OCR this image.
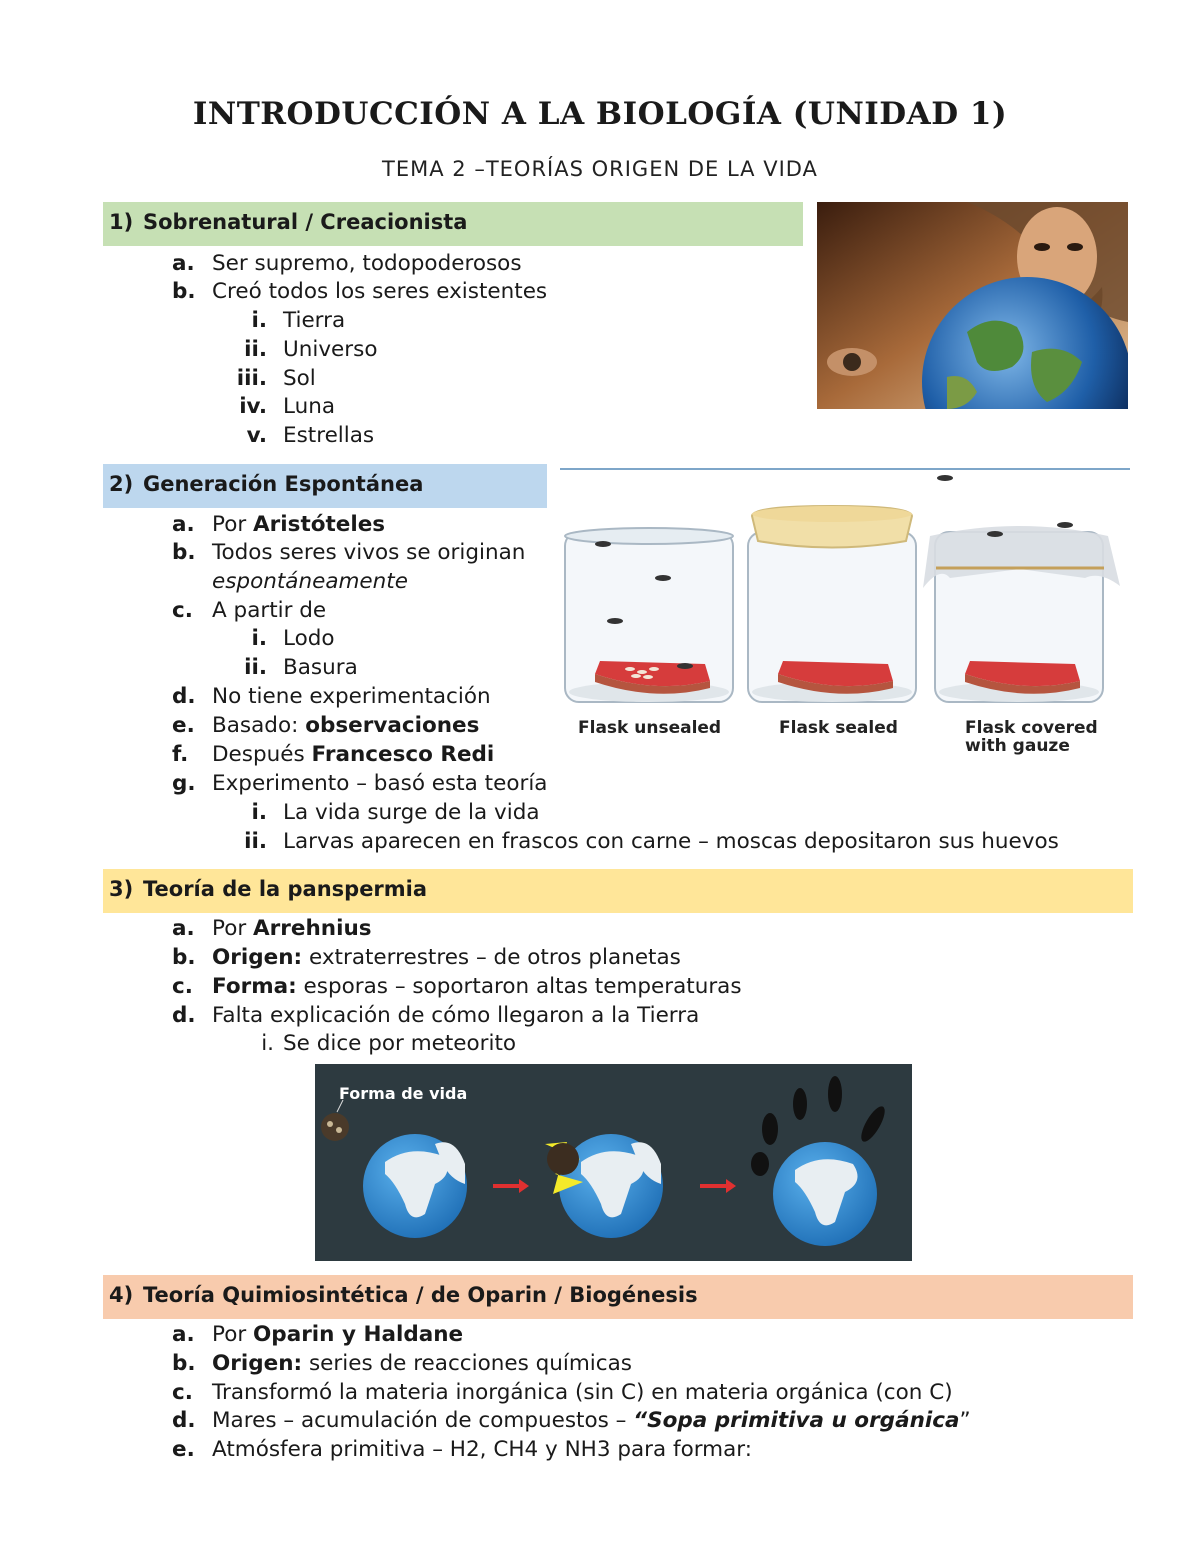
INTRODUCCIÓN A LA BIOLOGÍA (UNIDAD 1)
TEMA 2 –TEORÍAS ORIGEN DE LA VIDA
1) Sobrenatural / Creacionista
a. Ser supremo, todopoderosos
b. Creó todos los seres existentes
i. Tierra
ii. Universo
iii. Sol
iv. Luna
v. Estrellas
2) Generación Espontánea
a. Por Aristóteles
b. Todos seres vivos se originan
espontáneamente
c. A partir de
i. Lodo
ii. Basura
d. No tiene experimentación
e. Basado: observaciones
f.	Después Francesco Redi
g. Experimento – basó esta teoría
i. La vida surge de la vida
ii. Larvas aparecen en frascos con carne – moscas depositaron sus huevos
Flask unsealed	Flask sealed	Flask covered
with gauze
3) Teoría de la panspermia
a. Por Arrehnius
b. Origen: extraterrestres – de otros planetas
c. Forma: esporas – soportaron altas temperaturas
d. Falta explicación de cómo llegaron a la Tierra
i. Se dice por meteorito
Forma de vida
4) Teoría Quimiosintética / de Oparin / Biogénesis
a. Por Oparin y Haldane
b. Origen: series de reacciones químicas
c. Transformó la materia inorgánica (sin C) en materia orgánica (con C)
d. Mares – acumulación de compuestos – “Sopa primitiva u orgánica”
e. Atmósfera primitiva – H2, CH4 y NH3 para formar:
